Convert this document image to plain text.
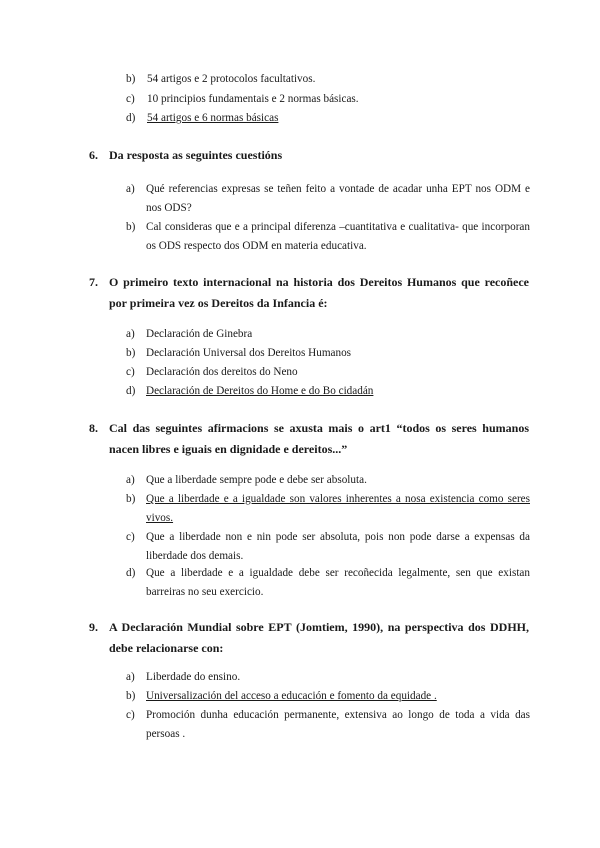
b) 54 artigos e 2 protocolos facultativos.
c) 10 principios fundamentais e 2 normas básicas.
d) 54 artigos e 6 normas básicas
6. Da resposta as seguintes cuestións
a) Qué referencias expresas se teñen feito a vontade de acadar unha EPT nos ODM e nos ODS?
b) Cal consideras que e a principal diferenza –cuantitativa e cualitativa- que incorporan os ODS respecto dos ODM en materia educativa.
7. O primeiro texto internacional na historia dos Dereitos Humanos que recoñece por primeira vez os Dereitos da Infancia é:
a) Declaración de Ginebra
b) Declaración Universal dos Dereitos Humanos
c) Declaración dos dereitos do Neno
d) Declaración de Dereitos do Home e do Bo cidadán
8. Cal das seguintes afirmacions se axusta mais o art1 “todos os seres humanos nacen libres e iguais en dignidade e dereitos...”
a) Que a liberdade sempre pode e debe ser absoluta.
b) Que a liberdade e a igualdade son valores inherentes a nosa existencia como seres vivos.
c) Que a liberdade non e nin pode ser absoluta, pois non pode darse a expensas da liberdade dos demais.
d) Que a liberdade e a igualdade debe ser recoñecida legalmente, sen que existan barreiras no seu exercicio.
9. A Declaración Mundial sobre EPT (Jomtiem, 1990), na perspectiva dos DDHH, debe relacionarse con:
a) Liberdade do ensino.
b) Universalización del acceso a educación e fomento da equidade .
c) Promoción dunha educación permanente, extensiva ao longo de toda a vida das persoas .
